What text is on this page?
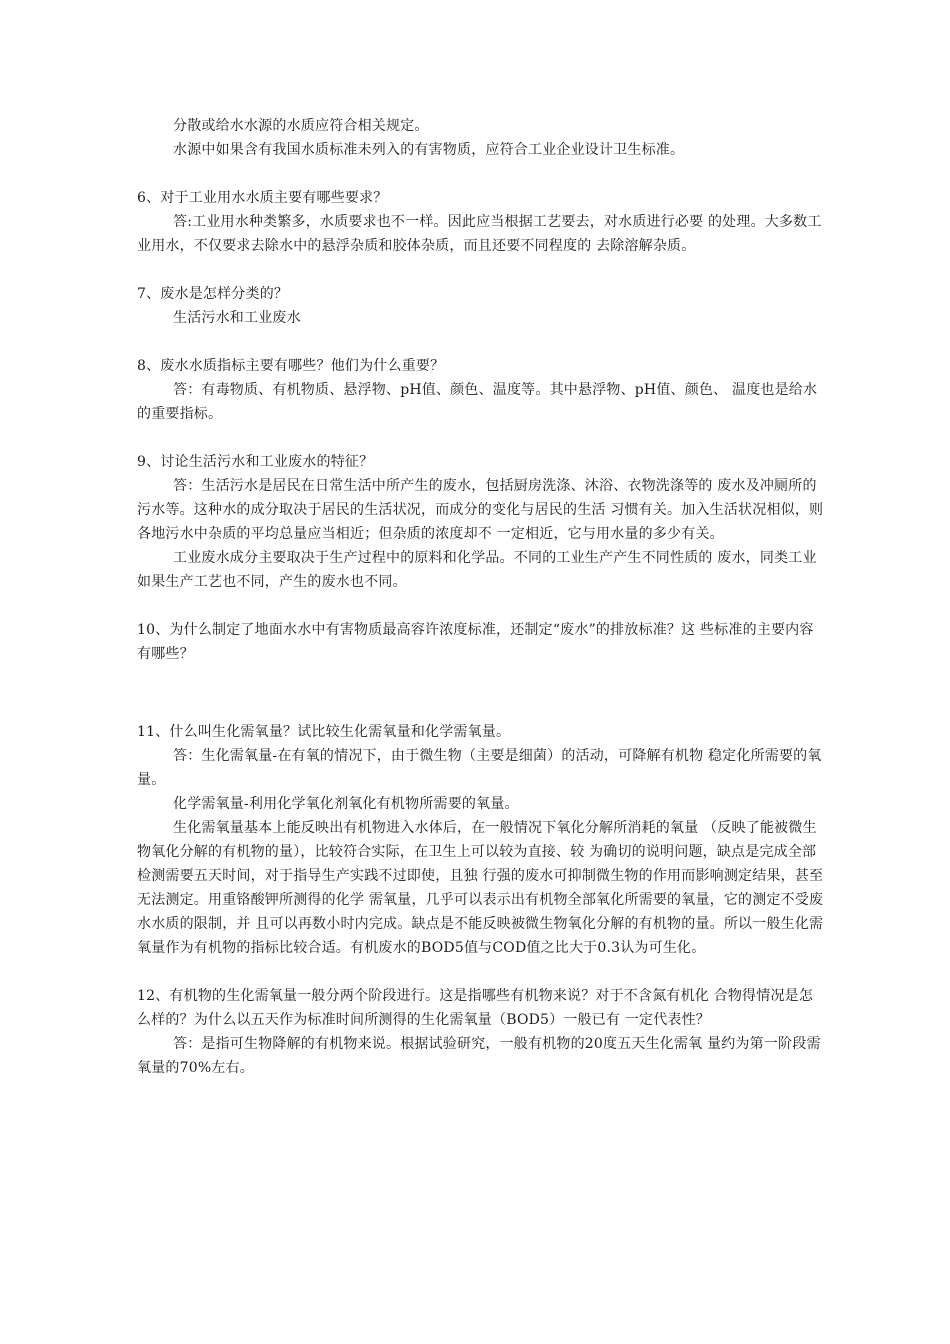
分散或给水水源的水质应符合相关规定。

水源中如果含有我国水质标准未列入的有害物质，应符合工业企业设计卫生标准。

6、对于工业用水水质主要有哪些要求？

答:工业用水种类繁多，水质要求也不一样。因此应当根据工艺要去，对水质进行必要 的处理。大多数工业用水，不仅要求去除水中的悬浮杂质和胶体杂质，而且还要不同程度的 去除溶解杂质。

7、废水是怎样分类的？

生活污水和工业废水

8、废水水质指标主要有哪些？他们为什么重要？

答：有毒物质、有机物质、悬浮物、pH值、颜色、温度等。其中悬浮物、pH值、颜色、 温度也是给水的重要指标。

9、讨论生活污水和工业废水的特征？

答：生活污水是居民在日常生活中所产生的废水，包括厨房洗涤、沐浴、衣物洗涤等的 废水及冲厕所的污水等。这种水的成分取决于居民的生活状况，而成分的变化与居民的生活 习惯有关。加入生活状况相似，则各地污水中杂质的平均总量应当相近；但杂质的浓度却不 一定相近，它与用水量的多少有关。

工业废水成分主要取决于生产过程中的原料和化学品。不同的工业生产产生不同性质的 废水，同类工业如果生产工艺也不同，产生的废水也不同。

10、为什么制定了地面水水中有害物质最高容许浓度标准，还制定“废水”的排放标准？这 些标准的主要内容有哪些？

11、什么叫生化需氧量？试比较生化需氧量和化学需氧量。

答：生化需氧量-在有氧的情况下，由于微生物（主要是细菌）的活动，可降解有机物 稳定化所需要的氧量。

化学需氧量-利用化学氧化剂氧化有机物所需要的氧量。

生化需氧量基本上能反映出有机物进入水体后，在一般情况下氧化分解所消耗的氧量 （反映了能被微生物氧化分解的有机物的量），比较符合实际，在卫生上可以较为直接、较 为确切的说明问题，缺点是完成全部检测需要五天时间，对于指导生产实践不过即使，且独 行强的废水可抑制微生物的作用而影响测定结果，甚至无法测定。用重铬酸钾所测得的化学 需氧量，几乎可以表示出有机物全部氧化所需要的氧量，它的测定不受废水水质的限制，并 且可以再数小时内完成。缺点是不能反映被微生物氧化分解的有机物的量。所以一般生化需 氧量作为有机物的指标比较合适。有机废水的BOD5值与COD值之比大于0.3认为可生化。

12、有机物的生化需氧量一般分两个阶段进行。这是指哪些有机物来说？对于不含氮有机化 合物得情况是怎么样的？为什么以五天作为标准时间所测得的生化需氧量（BOD5）一般已有 一定代表性？

答：是指可生物降解的有机物来说。根据试验研究，一般有机物的20度五天生化需氧 量约为第一阶段需氧量的70%左右。
